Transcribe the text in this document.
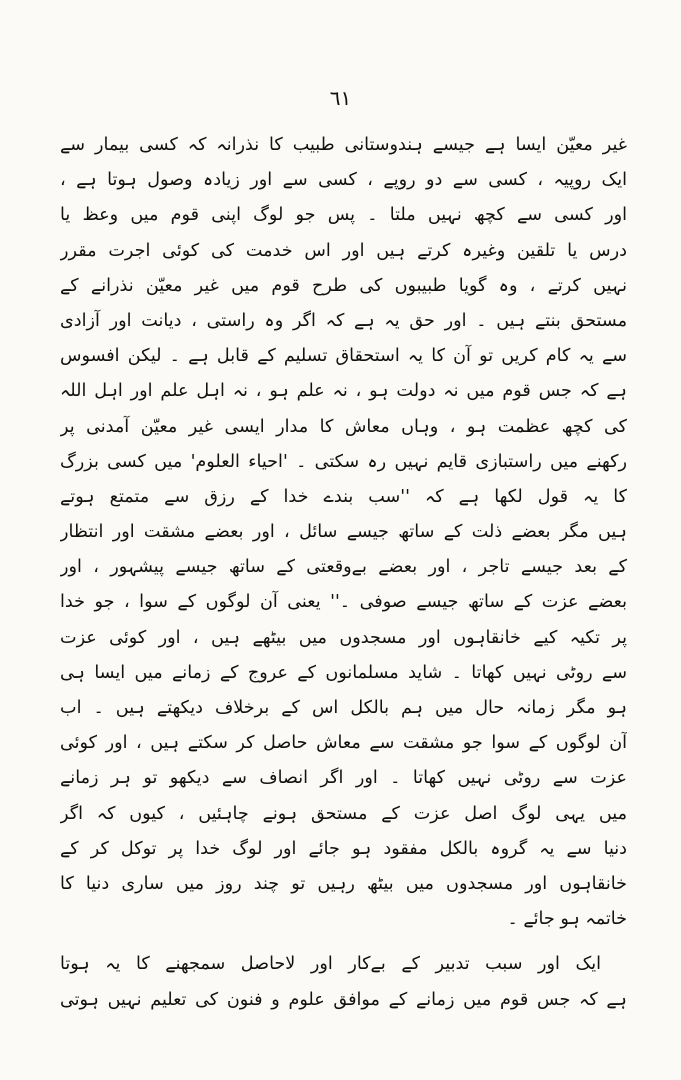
٦١
غیر معیّن ایسا ہے جیسے ہندوستانی طبیب کا نذرانہ کہ کسی بیمار سے
ایک روپیہ ، کسی سے دو روپے ، کسی سے اور زیادہ وصول ہوتا ہے ،
اور کسی سے کچھ نہیں ملتا ۔ پس جو لوگ اپنی قوم میں وعظ یا
درس یا تلقین وغیرہ کرتے ہیں اور اس خدمت کی کوئی اجرت مقرر
نہیں کرتے ، وہ گویا طبیبوں کی طرح قوم میں غیر معیّن نذرانے کے
مستحق بنتے ہیں ۔ اور حق یہ ہے کہ اگر وہ راستی ، دیانت اور آزادی
سے یہ کام کریں تو آن کا یہ استحقاق تسلیم کے قابل ہے ۔ لیکن افسوس
ہے کہ جس قوم میں نہ دولت ہو ، نہ علم ہو ، نہ اہل علم اور اہل اللہ
کی کچھ عظمت ہو ، وہاں معاش کا مدار ایسی غیر معیّن آمدنی پر
رکھنے میں راستبازی قایم نہیں رہ سکتی ۔ 'احیاء العلوم' میں کسی بزرگ
کا یہ قول لکھا ہے کہ ''سب بندے خدا کے رزق سے متمتع ہوتے
ہیں مگر بعضے ذلت کے ساتھ جیسے سائل ، اور بعضے مشقت اور انتظار
کے بعد جیسے تاجر ، اور بعضے بےوقعتی کے ساتھ جیسے پیشہور ، اور
بعضے عزت کے ساتھ جیسے صوفی ۔'' یعنی آن لوگوں کے سوا ، جو خدا
پر تکیہ کیے خانقاہوں اور مسجدوں میں بیٹھے ہیں ، اور کوئی عزت
سے روٹی نہیں کھاتا ۔ شاید مسلمانوں کے عروج کے زمانے میں ایسا ہی
ہو مگر زمانہ حال میں ہم بالکل اس کے برخلاف دیکھتے ہیں ۔ اب
آن لوگوں کے سوا جو مشقت سے معاش حاصل کر سکتے ہیں ، اور کوئی
عزت سے روٹی نہیں کھاتا ۔ اور اگر انصاف سے دیکھو تو ہر زمانے
میں یہی لوگ اصل عزت کے مستحق ہونے چاہئیں ، کیوں کہ اگر
دنیا سے یہ گروہ بالکل مفقود ہو جائے اور لوگ خدا پر توکل کر کے
خانقاہوں اور مسجدوں میں بیٹھ رہیں تو چند روز میں ساری دنیا کا
خاتمہ ہو جائے ۔
ایک اور سبب تدبیر کے بےکار اور لاحاصل سمجھنے کا یہ ہوتا
ہے کہ جس قوم میں زمانے کے موافق علوم و فنون کی تعلیم نہیں ہوتی
